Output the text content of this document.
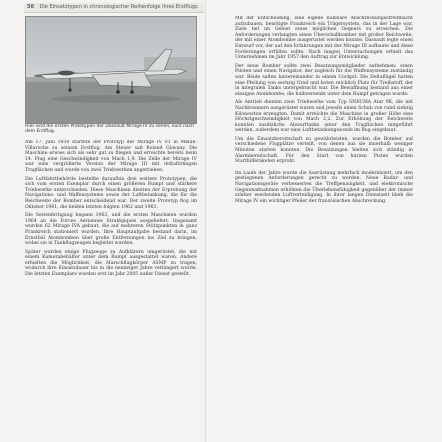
50 Die Einsatztypen in chronologischer Reihenfolge ihres Erstflugs
Hier sind die ersten Prototypen der Dassault Mirage IV zu sehen, kurz nach dem Erstflug.

Am 17. Juni 1959 startete der Prototyp der Mirage IV 01 in Melun-Villaroche zu seinem Erstflug. Am Steuer saß Roland Glavany. Die Maschine erwies sich als sehr gut zu fliegen und erreichte bereits beim 14. Flug eine Geschwindigkeit von Mach 1,9. Die Zelle der Mirage IV war eine vergrößerte Version der Mirage III mit deltaförmigen Tragflächen und wurde von zwei Triebwerken angetrieben.

Die Luftfahrtbehörde bestellte daraufhin drei weitere Prototypen, die sich vom ersten Exemplar durch einen größeren Rumpf und stärkere Triebwerke unterschieden. Diese Maschinen dienten der Erprobung der Navigations- und Waffensysteme sowie der Luftbetankung, die für die Reichweite der Bomber entscheidend war. Der zweite Prototyp flog im Oktober 1961, die beiden letzten folgten 1962 und 1963.

Die Serienfertigung begann 1963, und die ersten Maschinen wurden 1964 an die Forces Aériennes Stratégiques ausgeliefert. Insgesamt wurden 62 Mirage IVA gebaut, die auf mehreren Stützpunkten in ganz Frankreich stationiert wurden. Ihre Hauptaufgabe bestand darin, im Ernstfall Atombomben über große Entfernungen ins Ziel zu bringen, wobei sie in Tankflugzeugen begleitet wurden.

Später wurden einige Flugzeuge zu Aufklärern umgerüstet, die mit einem Kamerabehälter unter dem Rumpf ausgestattet waren. Andere erhielten die Möglichkeit, die Marschflugkörper ASMP zu tragen, wodurch ihre Einsatzdauer bis in die neunziger Jahre verlängert wurde. Die letzten Exemplare wurden erst im Jahr 2005 außer Dienst gestellt.

Mit der Entscheidung, eine eigene nukleare Abschreckungsstreitmacht aufzubauen, benötigte Frankreich ein Trägersystem, das in der Lage war, Ziele tief im Gebiet eines möglichen Gegners zu erreichen. Die Anforderungen verlangten einen Überschallbomber mit großer Reichweite, der mit einer Atombombe ausgerüstet werden konnte. Dassault legte einen Entwurf vor, der auf den Erfahrungen mit der Mirage III aufbaute und diese Forderungen erfüllen sollte. Nach langen Untersuchungen erhielt das Unternehmen im Jahr 1957 den Auftrag zur Entwicklung.

Der neue Bomber sollte zwei Besatzungsmitglieder aufnehmen: einen Piloten und einen Navigator, der zugleich für die Waffensysteme zuständig war. Beide saßen hintereinander in einem Cockpit. Die Deltaflügel hatten eine Pfeilung von sechzig Grad und boten reichlich Platz für Treibstoff, der in integralen Tanks untergebracht war. Die Bewaffnung bestand aus einer einzigen Atombombe, die halbversenkt unter dem Rumpf getragen wurde.

Als Antrieb dienten zwei Triebwerke vom Typ SNECMA Atar 9K, die mit Nachbrennern ausgerüstet waren und jeweils einen Schub von rund siebzig Kilonewton erzeugten. Damit erreichte die Maschine in großer Höhe eine Höchstgeschwindigkeit von Mach 2,2. Zur Erhöhung der Reichweite konnten zusätzliche Abwurftanks unter den Tragflächen mitgeführt werden, außerdem war eine Luftbetankungssonde im Bug eingebaut.

Um die Einsatzbereitschaft zu gewährleisten, wurden die Bomber auf verschiedene Flugplätze verteilt, von denen aus sie innerhalb weniger Minuten starten konnten. Die Besatzungen hielten sich ständig in Alarmbereitschaft. Für den Start von kurzen Pisten wurden Starthilferaketen erprobt.

Im Laufe der Jahre wurde die Ausrüstung mehrfach modernisiert, um den gestiegenen Anforderungen gerecht zu werden. Neue Radar- und Navigationsgeräte verbesserten die Treffgenauigkeit, und elektronische Gegenmaßnahmen erhöhten die Überlebensfähigkeit gegenüber der immer stärker werdenden Luftverteidigung. In ihrer langen Dienstzeit blieb die Mirage IV ein wichtiger Pfeiler der französischen Abschreckung.
